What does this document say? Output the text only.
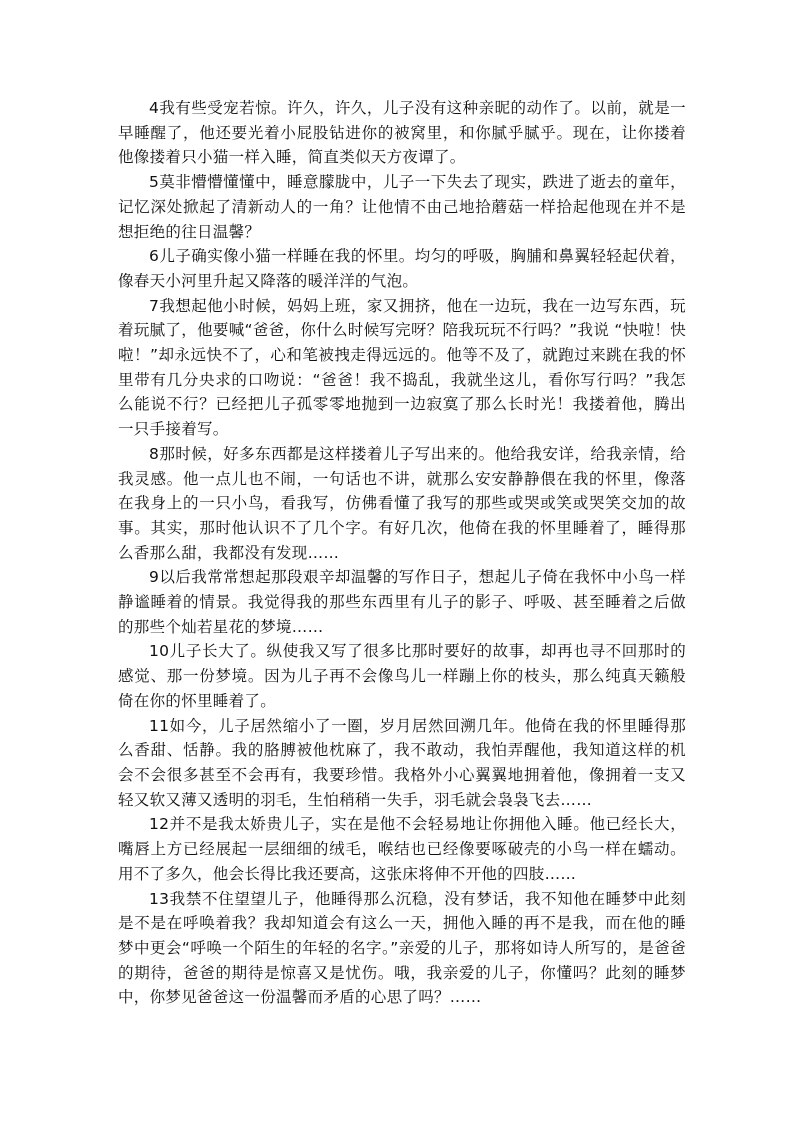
4我有些受宠若惊。许久，许久，儿子没有这种亲昵的动作了。以前，就是一早睡醒了，他还要光着小屁股钻进你的被窝里，和你腻乎腻乎。现在，让你搂着他像搂着只小猫一样入睡，简直类似天方夜谭了。

5莫非懵懵懂懂中，睡意朦胧中，儿子一下失去了现实，跌进了逝去的童年，记忆深处掀起了清新动人的一角？让他情不由己地拾蘑菇一样拾起他现在并不是想拒绝的往日温馨？

6儿子确实像小猫一样睡在我的怀里。均匀的呼吸，胸脯和鼻翼轻轻起伏着，像春天小河里升起又降落的暖洋洋的气泡。

7我想起他小时候，妈妈上班，家又拥挤，他在一边玩，我在一边写东西，玩着玩腻了，他要喊“爸爸，你什么时候写完呀？陪我玩玩不行吗？”我说 “快啦！快啦！”却永远快不了，心和笔被拽走得远远的。他等不及了，就跑过来跳在我的怀里带有几分央求的口吻说：“爸爸！我不捣乱，我就坐这儿，看你写行吗？”我怎么能说不行？已经把儿子孤零零地抛到一边寂寞了那么长时光！我搂着他，腾出一只手接着写。

8那时候，好多东西都是这样搂着儿子写出来的。他给我安详，给我亲情，给我灵感。他一点儿也不闹，一句话也不讲，就那么安安静静偎在我的怀里，像落在我身上的一只小鸟，看我写，仿佛看懂了我写的那些或哭或笑或哭笑交加的故事。其实，那时他认识不了几个字。有好几次，他倚在我的怀里睡着了，睡得那么香那么甜，我都没有发现……

9以后我常常想起那段艰辛却温馨的写作日子，想起儿子倚在我怀中小鸟一样静谧睡着的情景。我觉得我的那些东西里有儿子的影子、呼吸、甚至睡着之后做的那些个灿若星花的梦境……

10儿子长大了。纵使我又写了很多比那时要好的故事，却再也寻不回那时的感觉、那一份梦境。因为儿子再不会像鸟儿一样蹦上你的枝头，那么纯真天籁般倚在你的怀里睡着了。

11如今，儿子居然缩小了一圈，岁月居然回溯几年。他倚在我的怀里睡得那么香甜、恬静。我的胳膊被他枕麻了，我不敢动，我怕弄醒他，我知道这样的机会不会很多甚至不会再有，我要珍惜。我格外小心翼翼地拥着他，像拥着一支又轻又软又薄又透明的羽毛，生怕稍稍一失手，羽毛就会袅袅飞去……

12并不是我太娇贵儿子，实在是他不会轻易地让你拥他入睡。他已经长大，嘴唇上方已经展起一层细细的绒毛，喉结也已经像要啄破壳的小鸟一样在蠕动。用不了多久，他会长得比我还要高，这张床将伸不开他的四肢……

13我禁不住望望儿子，他睡得那么沉稳，没有梦话，我不知他在睡梦中此刻是不是在呼唤着我？我却知道会有这么一天，拥他入睡的再不是我，而在他的睡梦中更会“呼唤一个陌生的年轻的名字。”亲爱的儿子，那将如诗人所写的，是爸爸的期待，爸爸的期待是惊喜又是忧伤。哦，我亲爱的儿子，你懂吗？此刻的睡梦中，你梦见爸爸这一份温馨而矛盾的心思了吗？……
